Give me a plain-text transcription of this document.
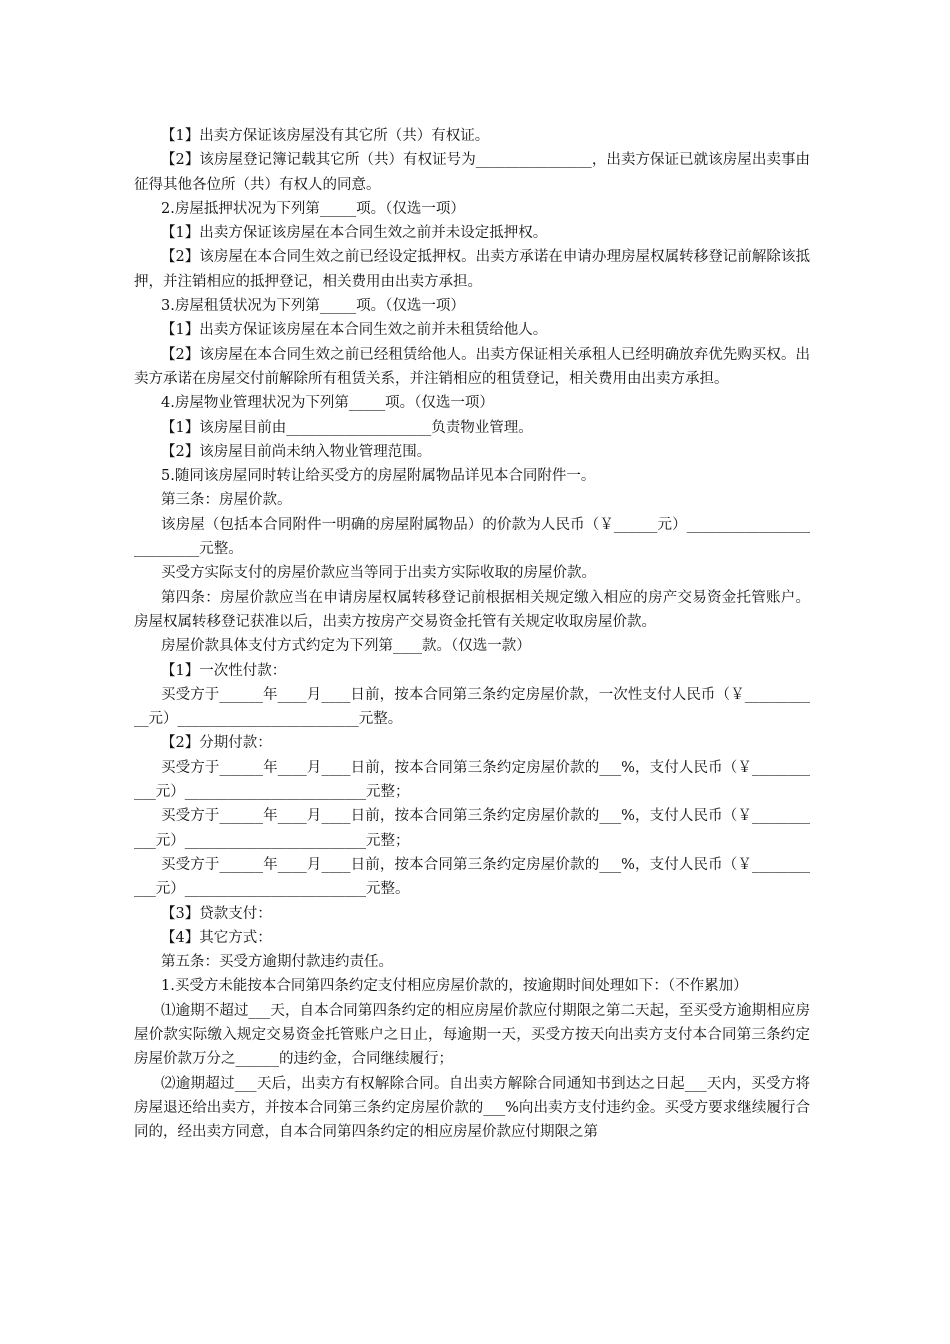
【1】出卖方保证该房屋没有其它所（共）有权证。

【2】该房屋登记簿记载其它所（共）有权证号为________________，出卖方保证已就该房屋出卖事由征得其他各位所（共）有权人的同意。

2.房屋抵押状况为下列第_____项。（仅选一项）

【1】出卖方保证该房屋在本合同生效之前并未设定抵押权。

【2】该房屋在本合同生效之前已经设定抵押权。出卖方承诺在申请办理房屋权属转移登记前解除该抵押，并注销相应的抵押登记，相关费用由出卖方承担。

3.房屋租赁状况为下列第_____项。（仅选一项）

【1】出卖方保证该房屋在本合同生效之前并未租赁给他人。

【2】该房屋在本合同生效之前已经租赁给他人。出卖方保证相关承租人已经明确放弃优先购买权。出卖方承诺在房屋交付前解除所有租赁关系，并注销相应的租赁登记，相关费用由出卖方承担。

4.房屋物业管理状况为下列第_____项。（仅选一项）

【1】该房屋目前由____________________负责物业管理。

【2】该房屋目前尚未纳入物业管理范围。

5.随同该房屋同时转让给买受方的房屋附属物品详见本合同附件一。

第三条：房屋价款。

该房屋（包括本合同附件一明确的房屋附属物品）的价款为人民币（￥______元）__________________________元整。

买受方实际支付的房屋价款应当等同于出卖方实际收取的房屋价款。

第四条：房屋价款应当在申请房屋权属转移登记前根据相关规定缴入相应的房产交易资金托管账户。房屋权属转移登记获准以后，出卖方按房产交易资金托管有关规定收取房屋价款。

房屋价款具体支付方式约定为下列第____款。（仅选一款）

【1】一次性付款：

买受方于______年____月____日前，按本合同第三条约定房屋价款，一次性支付人民币（￥___________元）_________________________元整。

【2】分期付款：

买受方于______年____月____日前，按本合同第三条约定房屋价款的___%，支付人民币（￥___________元）_________________________元整；

买受方于______年____月____日前，按本合同第三条约定房屋价款的___%，支付人民币（￥___________元）_________________________元整；

买受方于______年____月____日前，按本合同第三条约定房屋价款的___%，支付人民币（￥___________元）_________________________元整。

【3】贷款支付：

【4】其它方式：

第五条：买受方逾期付款违约责任。

1.买受方未能按本合同第四条约定支付相应房屋价款的，按逾期时间处理如下：（不作累加）

⑴逾期不超过___天，自本合同第四条约定的相应房屋价款应付期限之第二天起，至买受方逾期相应房屋价款实际缴入规定交易资金托管账户之日止，每逾期一天，买受方按天向出卖方支付本合同第三条约定房屋价款万分之______的违约金，合同继续履行；

⑵逾期超过___天后，出卖方有权解除合同。自出卖方解除合同通知书到达之日起___天内，买受方将房屋退还给出卖方，并按本合同第三条约定房屋价款的___%向出卖方支付违约金。买受方要求继续履行合同的，经出卖方同意，自本合同第四条约定的相应房屋价款应付期限之第
